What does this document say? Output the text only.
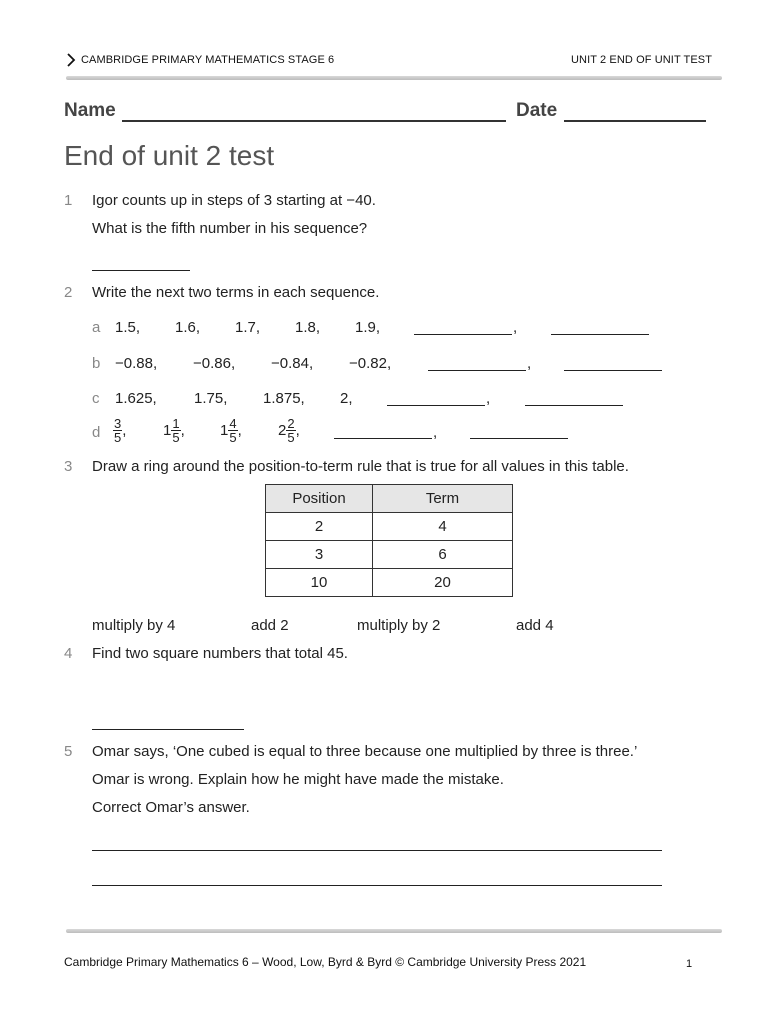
CAMBRIDGE PRIMARY MATHEMATICS STAGE 6	UNIT 2 END OF UNIT TEST
Name	Date
End of unit 2 test
1 Igor counts up in steps of 3 starting at −40.
What is the fifth number in his sequence?
2 Write the next two terms in each sequence.
a 1.5, 1.6, 1.7, 1.8, 1.9,	,
b −0.88, −0.86, −0.84, −0.82,	,
c 1.625, 1.75, 1.875, 2,	,
d $\frac{3}{5}$ , $1 \frac{1}{5}$ , $1 \frac{4}{5}$ , $2 \frac{2}{5}$ ,	,
3 Draw a ring around the position-to-term rule that is true for all values in this table.
Position	Term
2	4
3	6
10	20
multiply by 4	add 2	multiply by 2	add 4
4 Find two square numbers that total 45.
5 Omar says, ‘One cubed is equal to three because one multiplied by three is three.’
Omar is wrong. Explain how he might have made the mistake.
Correct Omar’s answer.
Cambridge Primary Mathematics 6 – Wood, Low, Byrd & Byrd © Cambridge University Press 2021	1
